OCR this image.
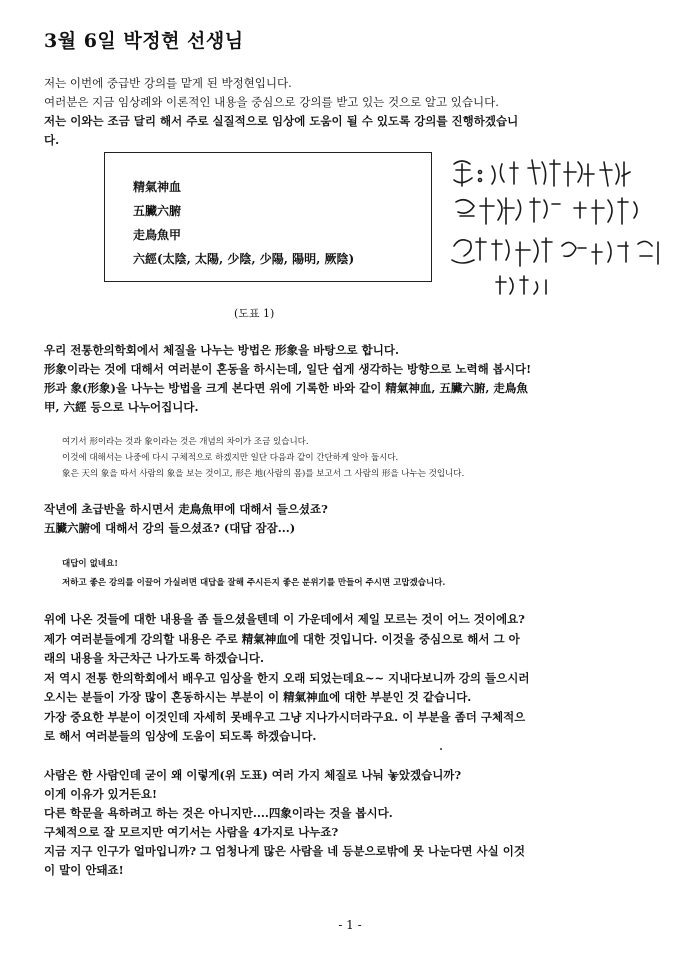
3월 6일 박정현 선생님

저는 이번에 중급반 강의를 맡게 된 박정현입니다.

여러분은 지금 임상례와 이론적인 내용을 중심으로 강의를 받고 있는 것으로 알고 있습니다.

저는 이와는 조금 달리 해서 주로 실질적으로 임상에 도움이 될 수 있도록 강의를 진행하겠습니

다.

精氣神血

五臟六腑

走鳥魚甲

六經(太陰, 太陽, 少陰, 少陽, 陽明, 厥陰)

(도표 1)

우리 전통한의학회에서 체질을 나누는 방법은 形象을 바탕으로 합니다.

形象이라는 것에 대해서 여러분이 혼동을 하시는데, 일단 쉽게 생각하는 방향으로 노력해 봅시다!

形과 象(形象)을 나누는 방법을 크게 본다면 위에 기록한 바와 같이 精氣神血, 五臟六腑, 走鳥魚

甲, 六經 등으로 나누어집니다.

여기서 形이라는 것과 象이라는 것은 개념의 차이가 조금 있습니다.

이것에 대해서는 나중에 다시 구체적으로 하겠지만 일단 다음과 같이 간단하게 알아 둡시다.

象은 天의 象을 따서 사람의 象을 보는 것이고, 形은 地(사람의 몸)를 보고서 그 사람의 形을 나누는 것입니다.

작년에 초급반을 하시면서 走鳥魚甲에 대해서 들으셨죠?

五臟六腑에 대해서 강의 들으셨죠? (대답 잠잠...)

대답이 없네요!

저하고 좋은 강의를 이끌어 가실려면 대답을 잘해 주시든지 좋은 분위기를 만들어 주시면 고맙겠습니다.

위에 나온 것들에 대한 내용을 좀 들으셨을텐데 이 가운데에서 제일 모르는 것이 어느 것이에요?

제가 여러분들에게 강의할 내용은 주로 精氣神血에 대한 것입니다. 이것을 중심으로 해서 그 아

래의 내용을 차근차근 나가도록 하겠습니다.

저 역시 전통 한의학회에서 배우고 임상을 한지 오래 되었는데요~~ 지내다보니까 강의 들으시러

오시는 분들이 가장 많이 혼동하시는 부분이 이 精氣神血에 대한 부분인 것 같습니다.

가장 중요한 부분이 이것인데 자세히 못배우고 그냥 지나가시더라구요. 이 부분을 좀더 구체적으

로 해서 여러분들의 임상에 도움이 되도록 하겠습니다.

사람은 한 사람인데 굳이 왜 이렇게(위 도표) 여러 가지 체질로 나눠 놓았겠습니까?

이게 이유가 있거든요!

다른 학문을 욕하려고 하는 것은 아니지만....四象이라는 것을 봅시다.

구체적으로 잘 모르지만 여기서는 사람을 4가지로 나누죠?

지금 지구 인구가 얼마입니까? 그 엄청나게 많은 사람을 네 등분으로밖에 못 나눈다면 사실 이것

이 말이 안돼죠!

- 1 -
